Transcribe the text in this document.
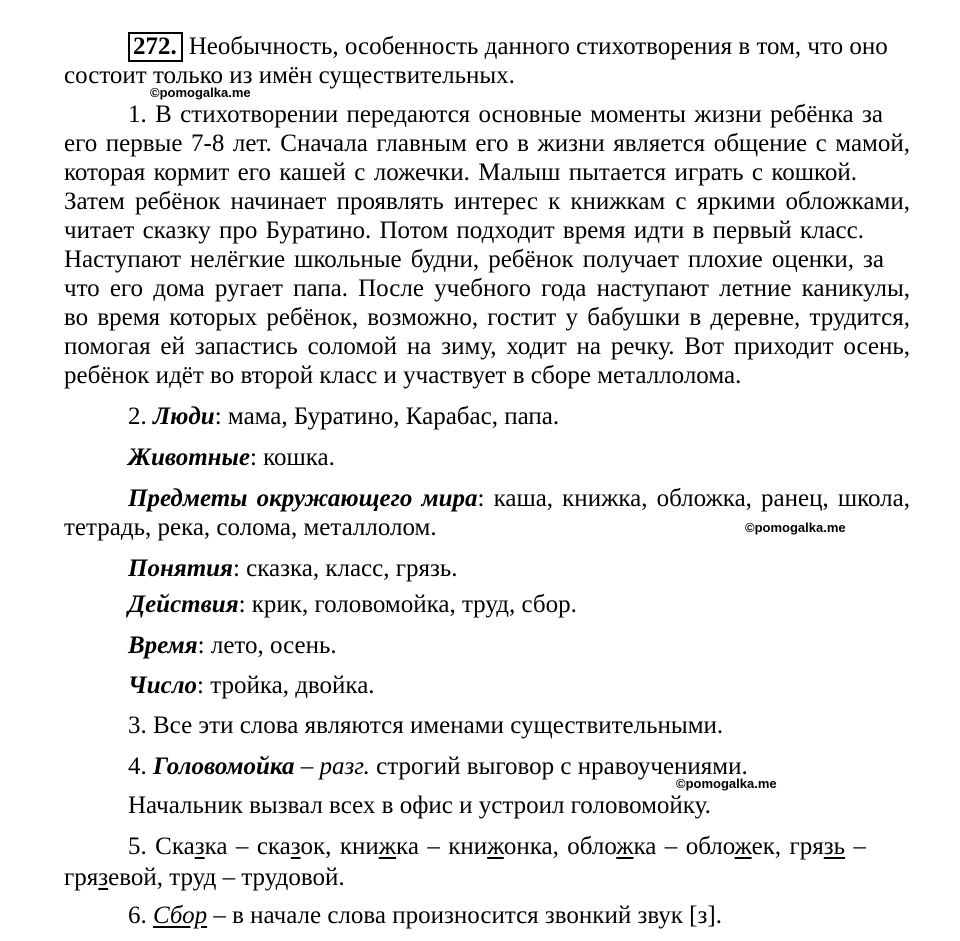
272. Необычность, особенность данного стихотворения в том, что оно
состоит только из имён существительных.
©pomogalka.me
1. В стихотворении передаются основные моменты жизни ребёнка за
его первые 7-8 лет. Сначала главным его в жизни является общение с мамой,
которая кормит его кашей с ложечки. Малыш пытается играть с кошкой.
Затем ребёнок начинает проявлять интерес к книжкам с яркими обложками,
читает сказку про Буратино. Потом подходит время идти в первый класс.
Наступают нелёгкие школьные будни, ребёнок получает плохие оценки, за
что его дома ругает папа. После учебного года наступают летние каникулы,
во время которых ребёнок, возможно, гостит у бабушки в деревне, трудится,
помогая ей запастись соломой на зиму, ходит на речку. Вот приходит осень,
ребёнок идёт во второй класс и участвует в сборе металлолома.
2. Люди: мама, Буратино, Карабас, папа.
Животные: кошка.
Предметы окружающего мира: каша, книжка, обложка, ранец, школа,
тетрадь, река, солома, металлолом.	©pomogalka.me
Понятия: сказка, класс, грязь.
Действия: крик, головомойка, труд, сбор.
Время: лето, осень.
Число: тройка, двойка.
3. Все эти слова являются именами существительными.
4. Головомойка – разг. строгий выговор с нравоучениями.
©pomogalka.me
Начальник вызвал всех в офис и устроил головомойку.
5. Сказка – сказок, книжка – книжонка, обложка – обложек, грязь –
грязевой, труд – трудовой.
6. Сбор – в начале слова произносится звонкий звук [з].
